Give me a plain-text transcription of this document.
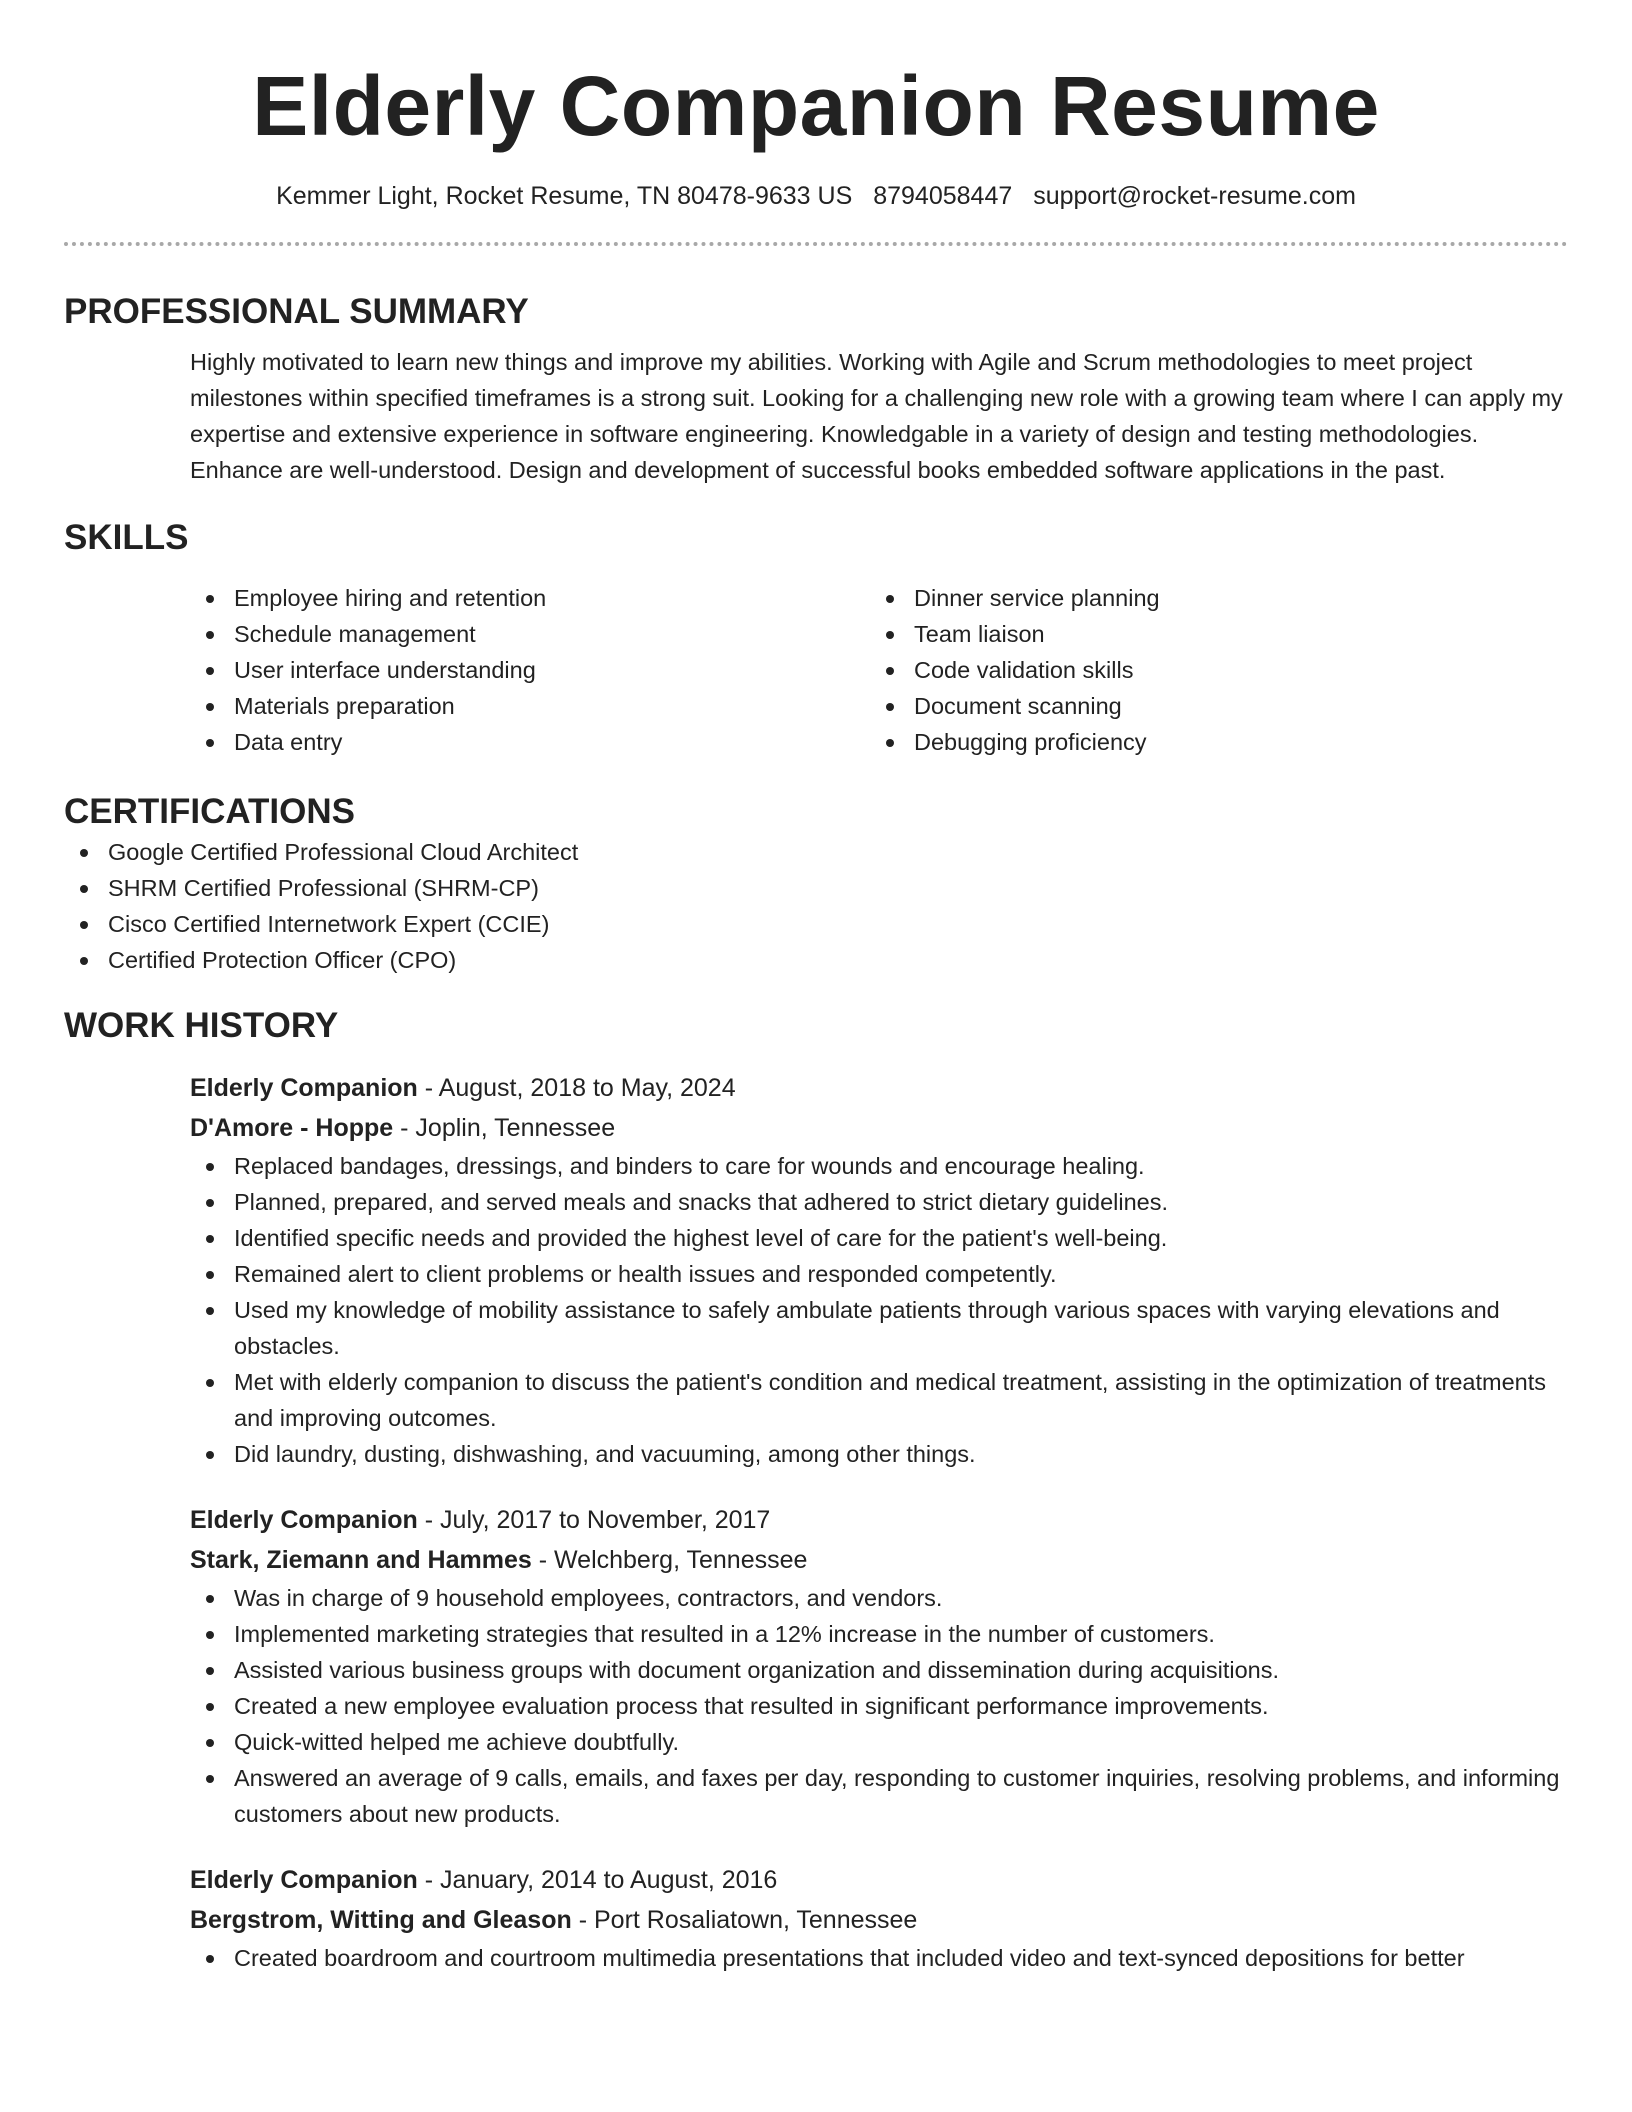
Elderly Companion Resume
Kemmer Light, Rocket Resume, TN 80478-9633 US 8794058447 support@rocket-resume.com
PROFESSIONAL SUMMARY
Highly motivated to learn new things and improve my abilities. Working with Agile and Scrum methodologies to meet project milestones within specified timeframes is a strong suit. Looking for a challenging new role with a growing team where I can apply my expertise and extensive experience in software engineering. Knowledgable in a variety of design and testing methodologies. Enhance are well-understood. Design and development of successful books embedded software applications in the past.
SKILLS
Employee hiring and retention
Schedule management
User interface understanding
Materials preparation
Data entry
Dinner service planning
Team liaison
Code validation skills
Document scanning
Debugging proficiency
CERTIFICATIONS
Google Certified Professional Cloud Architect
SHRM Certified Professional (SHRM-CP)
Cisco Certified Internetwork Expert (CCIE)
Certified Protection Officer (CPO)
WORK HISTORY
Elderly Companion - August, 2018 to May, 2024
D'Amore - Hoppe - Joplin, Tennessee
Replaced bandages, dressings, and binders to care for wounds and encourage healing.
Planned, prepared, and served meals and snacks that adhered to strict dietary guidelines.
Identified specific needs and provided the highest level of care for the patient's well-being.
Remained alert to client problems or health issues and responded competently.
Used my knowledge of mobility assistance to safely ambulate patients through various spaces with varying elevations and obstacles.
Met with elderly companion to discuss the patient's condition and medical treatment, assisting in the optimization of treatments and improving outcomes.
Did laundry, dusting, dishwashing, and vacuuming, among other things.
Elderly Companion - July, 2017 to November, 2017
Stark, Ziemann and Hammes - Welchberg, Tennessee
Was in charge of 9 household employees, contractors, and vendors.
Implemented marketing strategies that resulted in a 12% increase in the number of customers.
Assisted various business groups with document organization and dissemination during acquisitions.
Created a new employee evaluation process that resulted in significant performance improvements.
Quick-witted helped me achieve doubtfully.
Answered an average of 9 calls, emails, and faxes per day, responding to customer inquiries, resolving problems, and informing customers about new products.
Elderly Companion - January, 2014 to August, 2016
Bergstrom, Witting and Gleason - Port Rosaliatown, Tennessee
Created boardroom and courtroom multimedia presentations that included video and text-synced depositions for better
